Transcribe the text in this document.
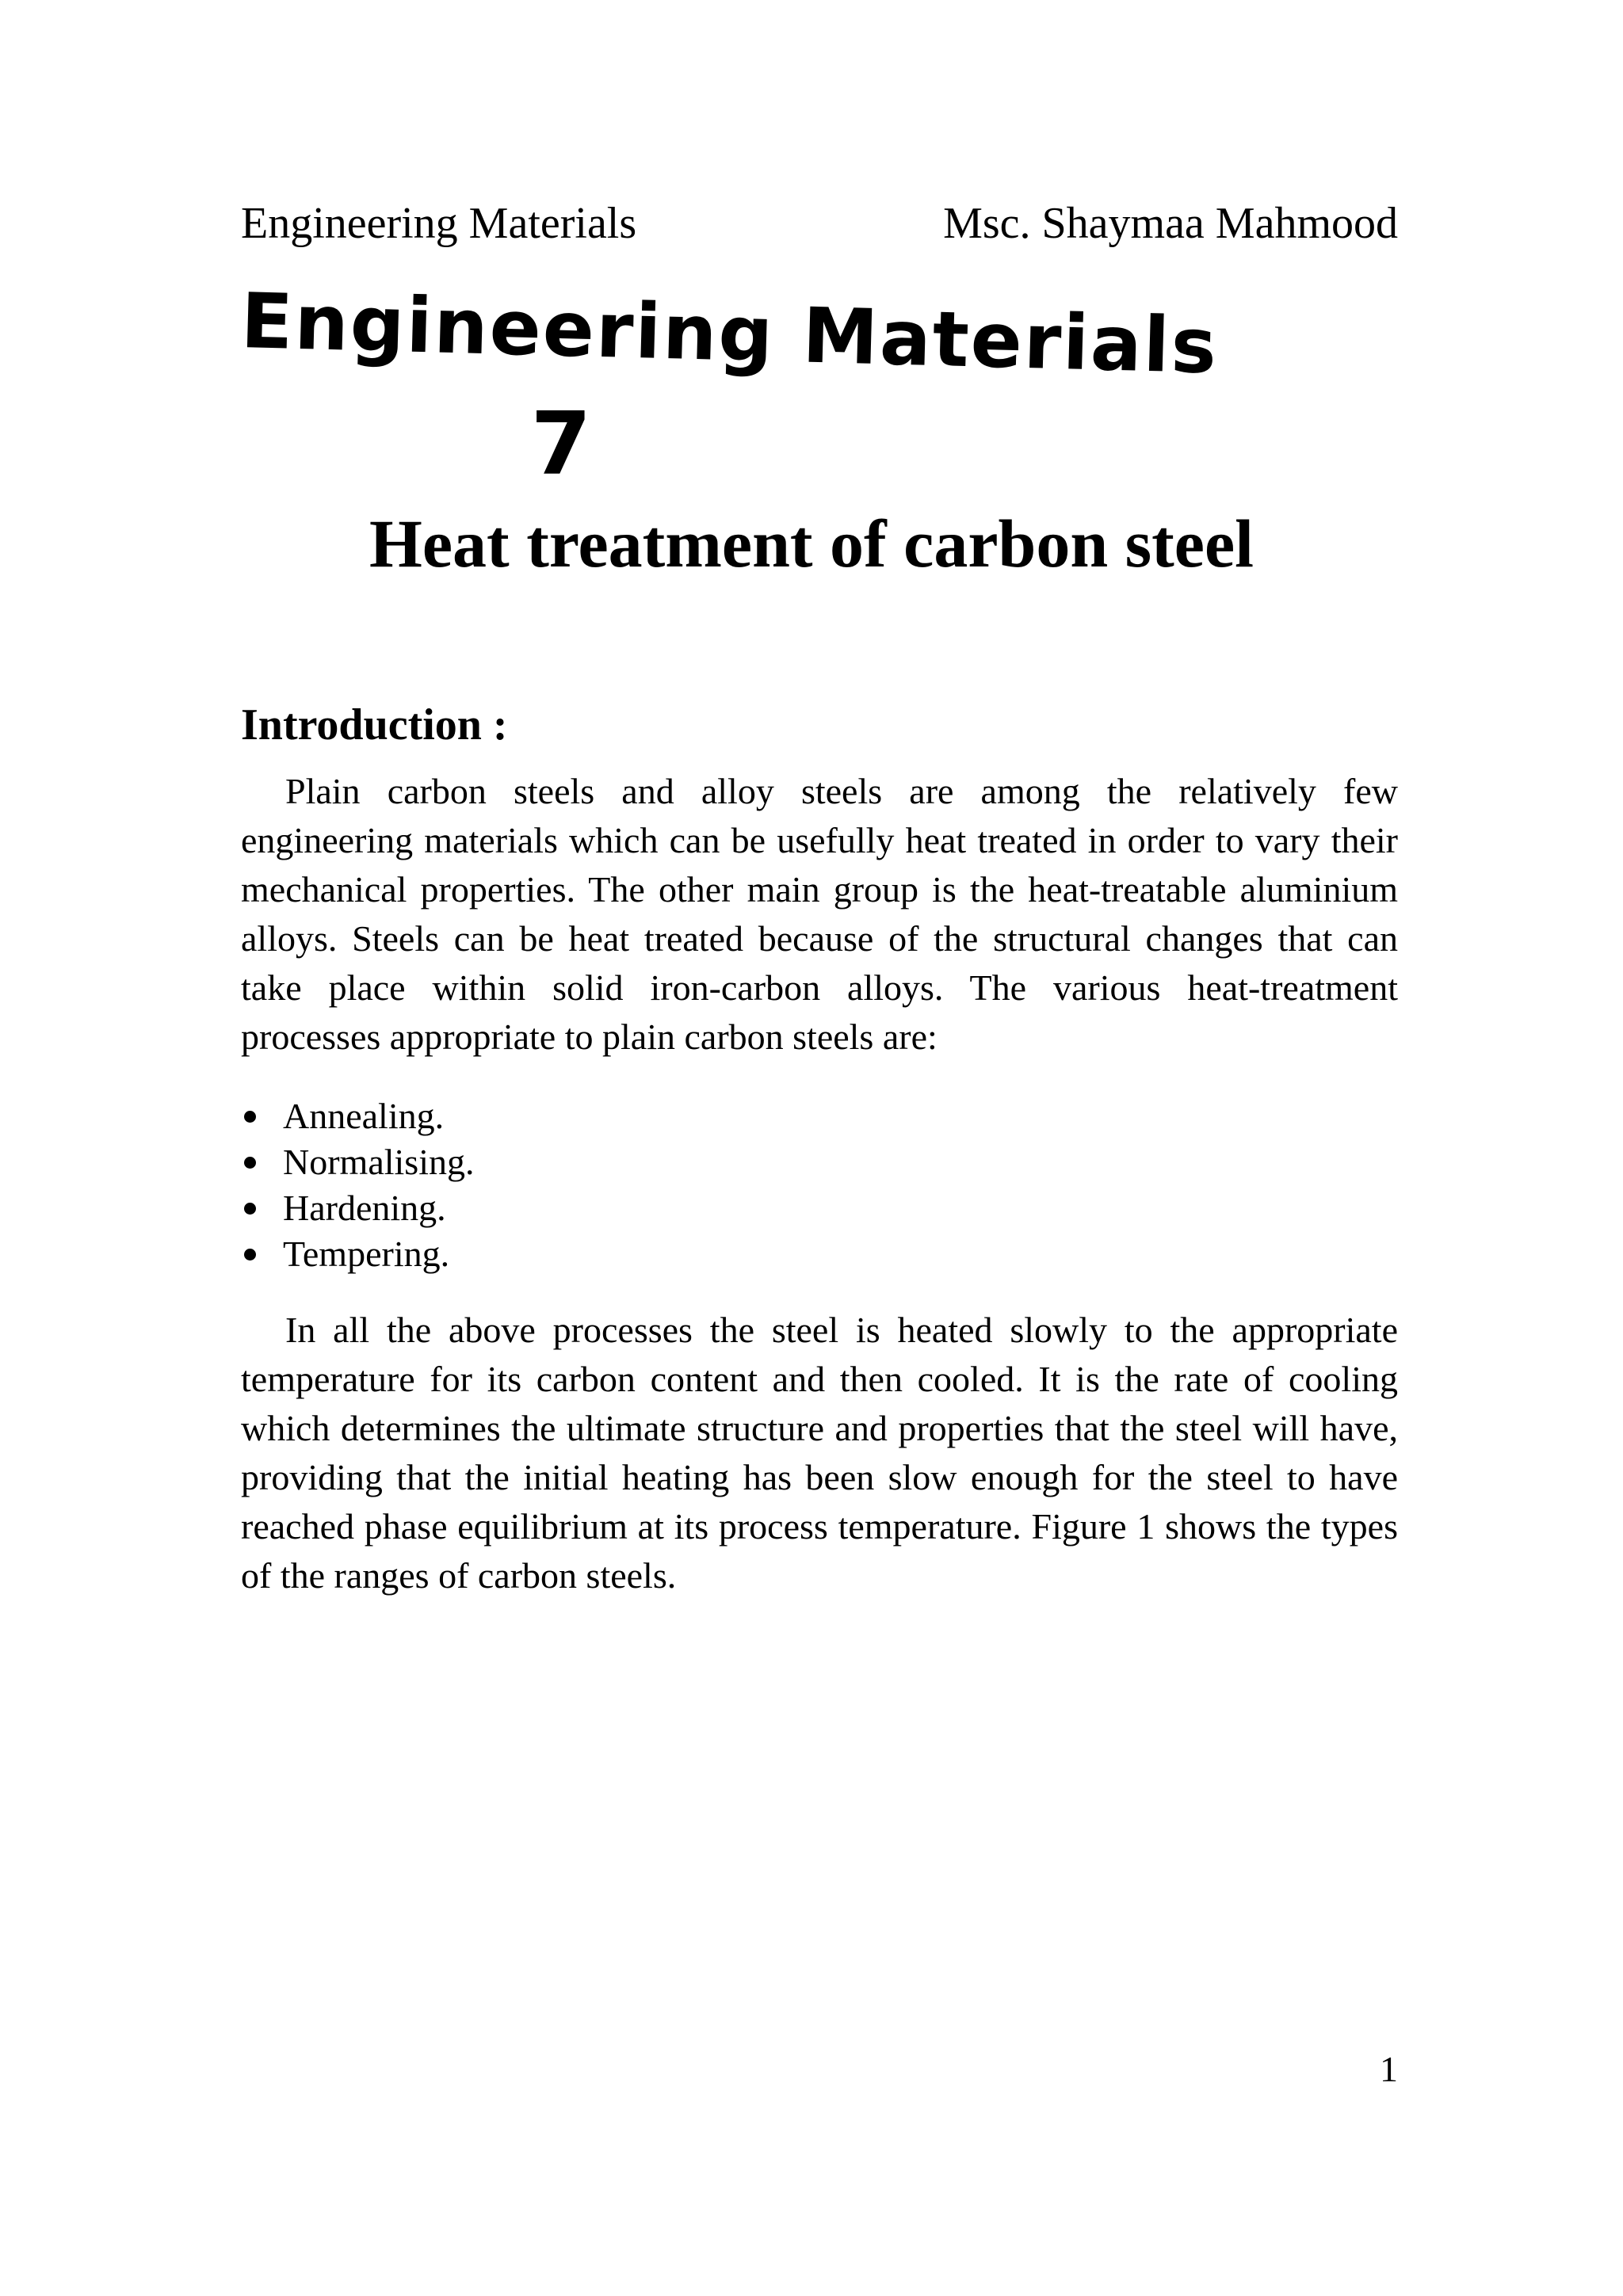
Engineering Materials	Msc. Shaymaa Mahmood
Engineering Materials
7
Heat treatment of carbon steel
Introduction :

Plain carbon steels and alloy steels are among the relatively few engineering materials which can be usefully heat treated in order to vary their mechanical properties. The other main group is the heat-treatable aluminium alloys. Steels can be heat treated because of the structural changes that can take place within solid iron-carbon alloys. The various heat-treatment processes appropriate to plain carbon steels are:

Annealing.
Normalising.
Hardening.
Tempering.

In all the above processes the steel is heated slowly to the appropriate temperature for its carbon content and then cooled. It is the rate of cooling which determines the ultimate structure and properties that the steel will have, providing that the initial heating has been slow enough for the steel to have reached phase equilibrium at its process temperature. Figure 1 shows the types of the ranges of carbon steels.

1
